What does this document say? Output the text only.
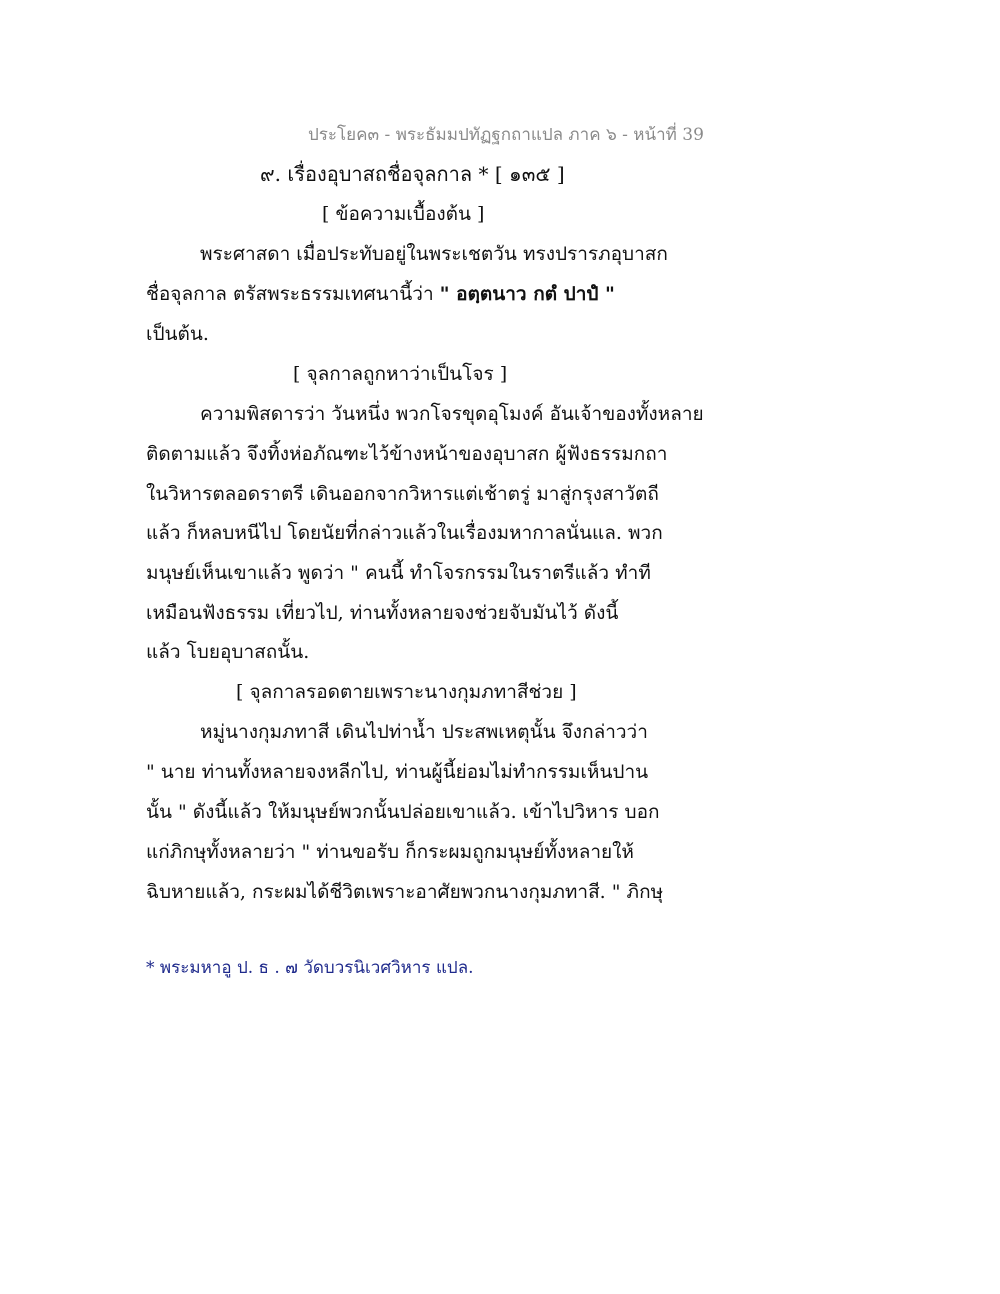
ประโยค๓ - พระธัมมปทัฏฐกถาแปล ภาค ๖ - หน้าที่ 39
๙. เรื่องอุบาสถชื่อจุลกาล * [ ๑๓๕ ]
[ ข้อความเบื้องต้น ]
พระศาสดา เมื่อประทับอยู่ในพระเชตวัน ทรงปรารภอุบาสก
ชื่อจุลกาล ตรัสพระธรรมเทศนานี้ว่า " อตฺตนาว กตํ ปาปํ "
เป็นต้น.
[ จุลกาลถูกหาว่าเป็นโจร ]
ความพิสดารว่า วันหนึ่ง พวกโจรขุดอุโมงค์ อันเจ้าของทั้งหลาย
ติดตามแล้ว จึงทิ้งห่อภัณฑะไว้ข้างหน้าของอุบาสก ผู้ฟังธรรมกถา
ในวิหารตลอดราตรี เดินออกจากวิหารแต่เช้าตรู่ มาสู่กรุงสาวัตถี
แล้ว ก็หลบหนีไป โดยนัยที่กล่าวแล้วในเรื่องมหากาลนั่นแล. พวก
มนุษย์เห็นเขาแล้ว พูดว่า " คนนี้ ทำโจรกรรมในราตรีแล้ว ทำที
เหมือนฟังธรรม เที่ยวไป, ท่านทั้งหลายจงช่วยจับมันไว้ ดังนี้
แล้ว โบยอุบาสถนั้น.
[ จุลกาลรอดตายเพราะนางกุมภทาสีช่วย ]
หมู่นางกุมภทาสี เดินไปท่าน้ำ ประสพเหตุนั้น จึงกล่าวว่า
" นาย ท่านทั้งหลายจงหลีกไป, ท่านผู้นี้ย่อมไม่ทำกรรมเห็นปาน
นั้น " ดังนี้แล้ว ให้มนุษย์พวกนั้นปล่อยเขาแล้ว. เข้าไปวิหาร บอก
แก่ภิกษุทั้งหลายว่า " ท่านขอรับ ก็กระผมถูกมนุษย์ทั้งหลายให้
ฉิบหายแล้ว, กระผมได้ชีวิตเพราะอาศัยพวกนางกุมภทาสี. " ภิกษุ
* พระมหาอู ป. ธ . ๗ วัดบวรนิเวศวิหาร แปล.
